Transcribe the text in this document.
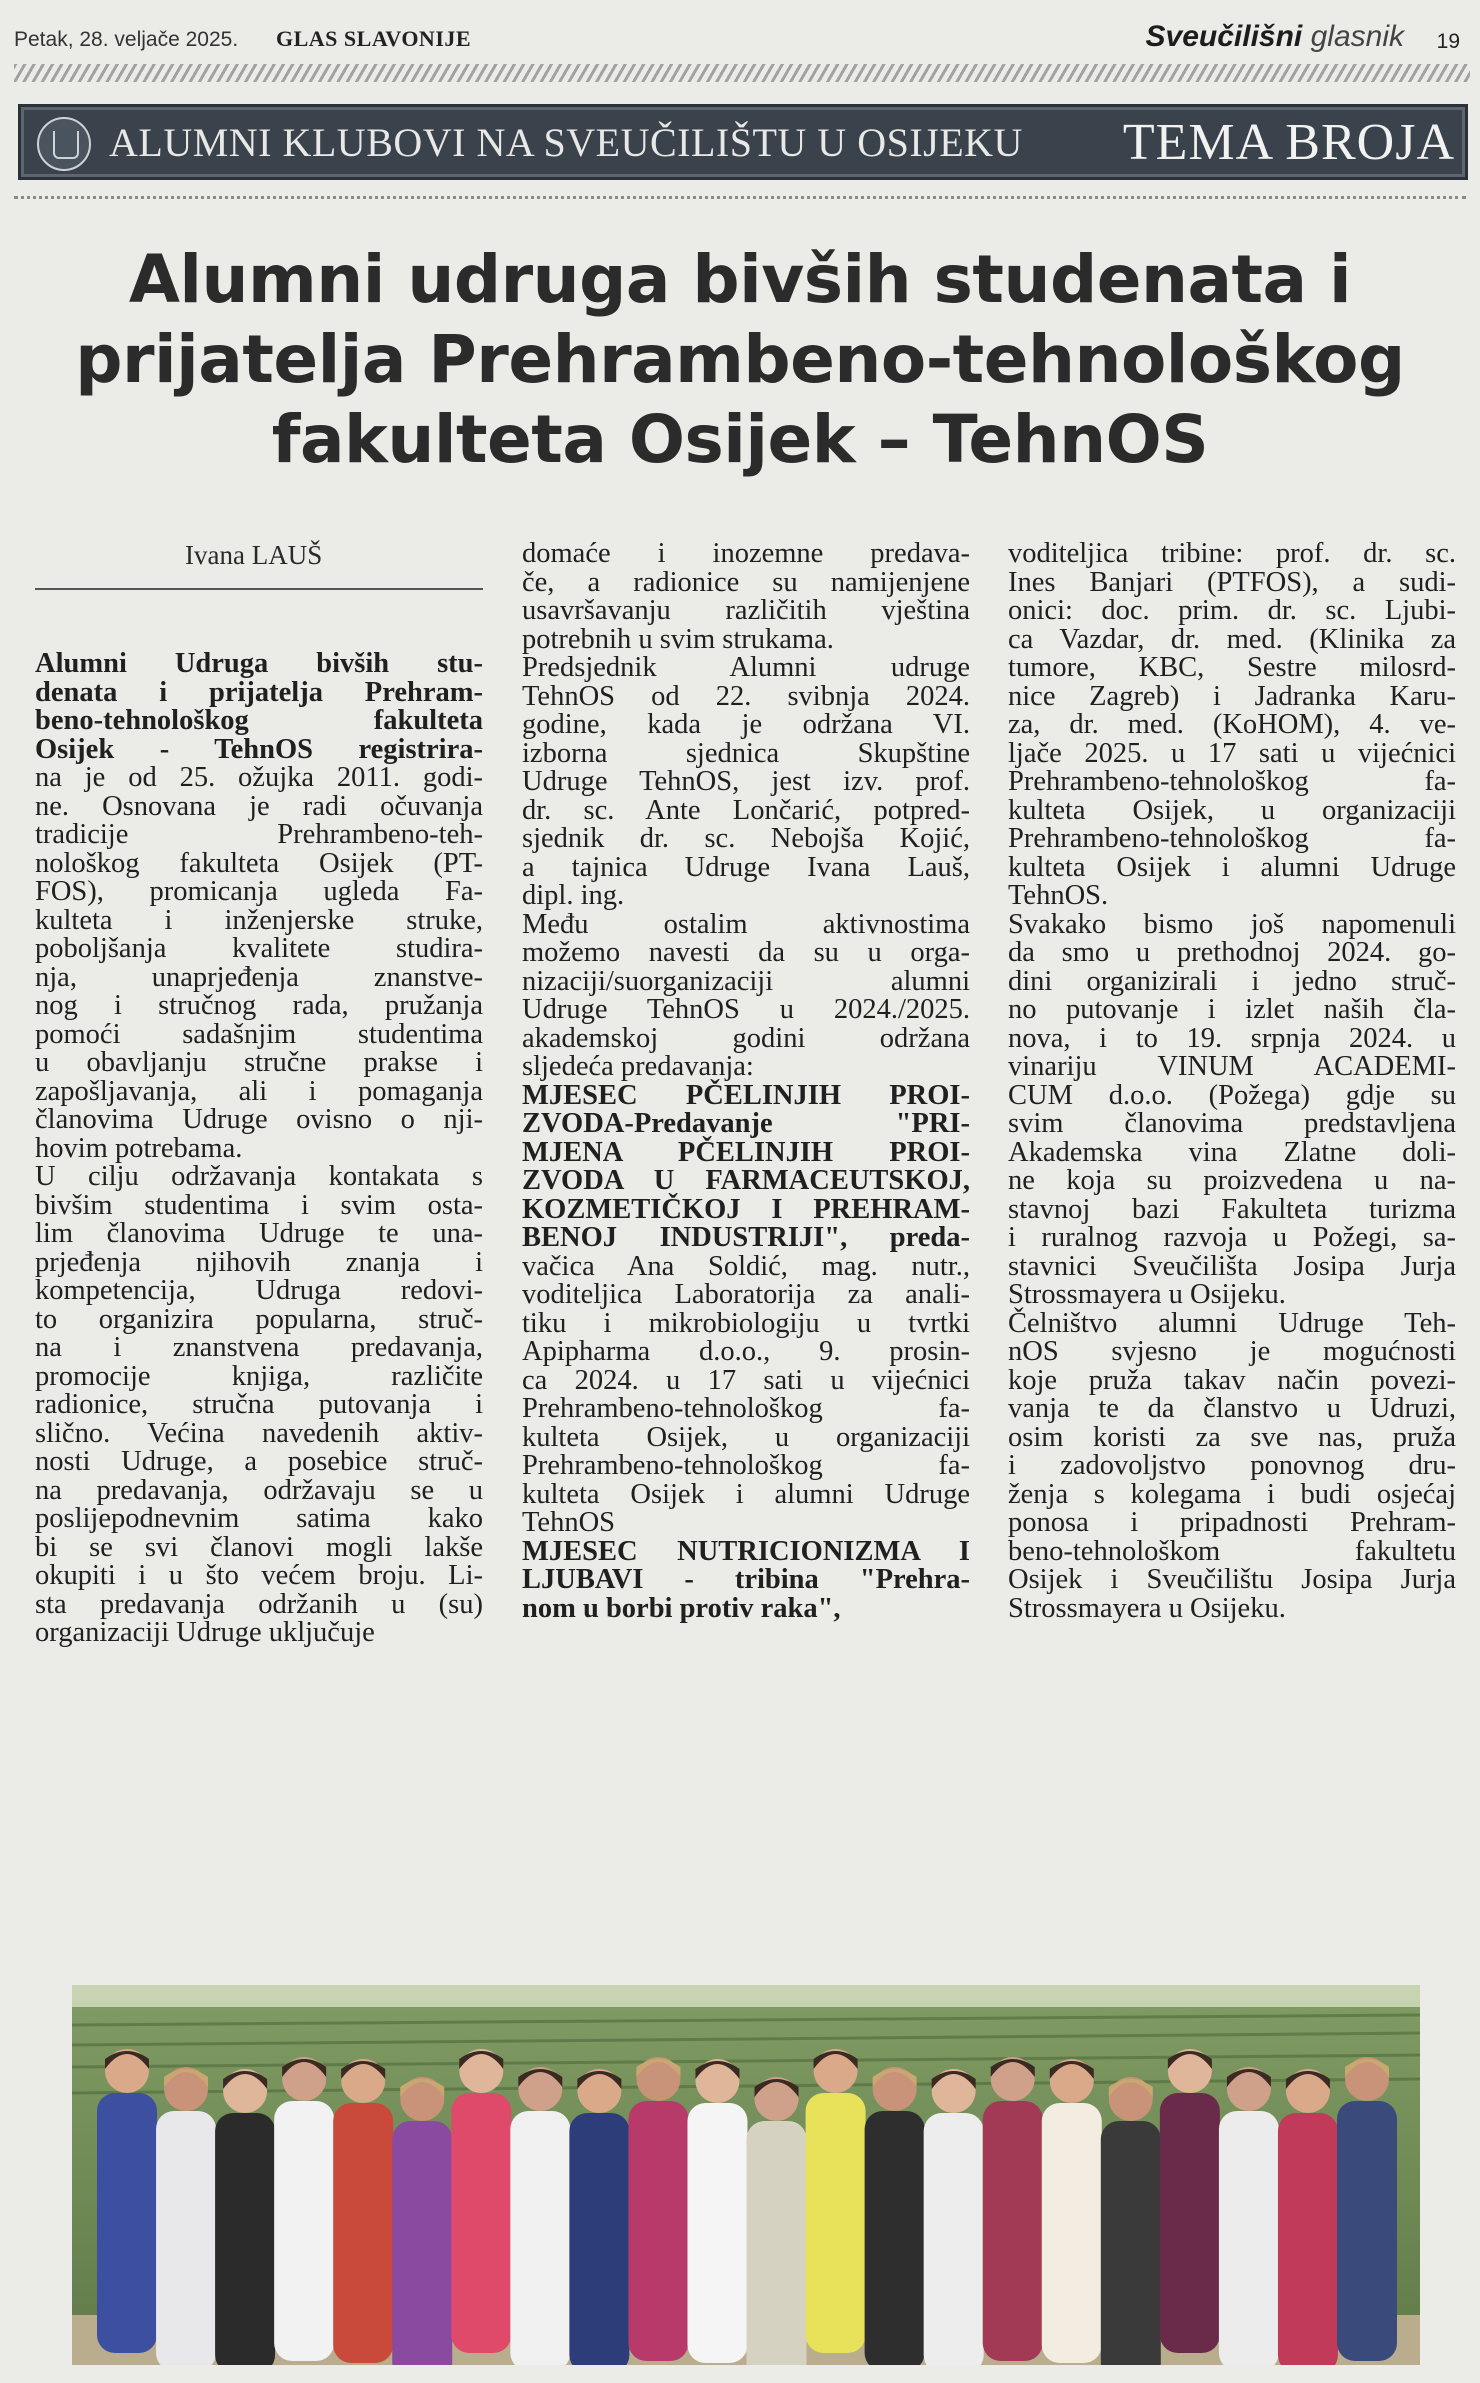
Petak, 28. veljače 2025. GLAS SLAVONIJE	Sveučilišni glasnik 19
ALUMNI KLUBOVI NA SVEUČILIŠTU U OSIJEKU TEMA BROJA
Alumni udruga bivših studenata i
prijatelja Prehrambeno-tehnološkog
fakulteta Osijek – TehnOS
Ivana LAUŠ
Alumni Udruga bivših stu-
denata i prijatelja Prehram-
beno-tehnološkog fakulteta
Osijek - TehnOS registrira-
na je od 25. ožujka 2011. godi-
ne. Osnovana je radi očuvanja
tradicije Prehrambeno-teh-
nološkog fakulteta Osijek (PT-
FOS), promicanja ugleda Fa-
kulteta i inženjerske struke,
poboljšanja kvalitete studira-
nja, unaprjeđenja znanstve-
nog i stručnog rada, pružanja
pomoći sadašnjim studentima
u obavljanju stručne prakse i
zapošljavanja, ali i pomaganja
članovima Udruge ovisno o nji-
hovim potrebama.
U cilju održavanja kontakata s
bivšim studentima i svim osta-
lim članovima Udruge te una-
prjeđenja njihovih znanja i
kompetencija, Udruga redovi-
to organizira popularna, struč-
na i znanstvena predavanja,
promocije knjiga, različite
radionice, stručna putovanja i
slično. Većina navedenih aktiv-
nosti Udruge, a posebice struč-
na predavanja, održavaju se u
poslijepodnevnim satima kako
bi se svi članovi mogli lakše
okupiti i u što većem broju. Li-
sta predavanja održanih u (su)
organizaciji Udruge uključuje
domaće i inozemne predava-
če, a radionice su namijenjene
usavršavanju različitih vještina
potrebnih u svim strukama.
Predsjednik Alumni udruge
TehnOS od 22. svibnja 2024.
godine, kada je održana VI.
izborna sjednica Skupštine
Udruge TehnOS, jest izv. prof.
dr. sc. Ante Lončarić, potpred-
sjednik dr. sc. Nebojša Kojić,
a tajnica Udruge Ivana Lauš,
dipl. ing.
Među ostalim aktivnostima
možemo navesti da su u orga-
nizaciji/suorganizaciji alumni
Udruge TehnOS u 2024./2025.
akademskoj godini održana
sljedeća predavanja:
MJESEC PČELINJIH PROI-
ZVODA-Predavanje "PRI-
MJENA PČELINJIH PROI-
ZVODA U FARMACEUTSKOJ,
KOZMETIČKOJ I PREHRAM-
BENOJ INDUSTRIJI", preda-
vačica Ana Soldić, mag. nutr.,
voditeljica Laboratorija za anali-
tiku i mikrobiologiju u tvrtki
Apipharma d.o.o., 9. prosin-
ca 2024. u 17 sati u vijećnici
Prehrambeno-tehnološkog fa-
kulteta Osijek, u organizaciji
Prehrambeno-tehnološkog fa-
kulteta Osijek i alumni Udruge
TehnOS
MJESEC NUTRICIONIZMA I
LJUBAVI - tribina "Prehra-
nom u borbi protiv raka",
voditeljica tribine: prof. dr. sc.
Ines Banjari (PTFOS), a sudi-
onici: doc. prim. dr. sc. Ljubi-
ca Vazdar, dr. med. (Klinika za
tumore, KBC, Sestre milosrd-
nice Zagreb) i Jadranka Karu-
za, dr. med. (KoHOM), 4. ve-
ljače 2025. u 17 sati u vijećnici
Prehrambeno-tehnološkog fa-
kulteta Osijek, u organizaciji
Prehrambeno-tehnološkog fa-
kulteta Osijek i alumni Udruge
TehnOS.
Svakako bismo još napomenuli
da smo u prethodnoj 2024. go-
dini organizirali i jedno struč-
no putovanje i izlet naših čla-
nova, i to 19. srpnja 2024. u
vinariju VINUM ACADEMI-
CUM d.o.o. (Požega) gdje su
svim članovima predstavljena
Akademska vina Zlatne doli-
ne koja su proizvedena u na-
stavnoj bazi Fakulteta turizma
i ruralnog razvoja u Požegi, sa-
stavnici Sveučilišta Josipa Jurja
Strossmayera u Osijeku.
Čelništvo alumni Udruge Teh-
nOS svjesno je mogućnosti
koje pruža takav način povezi-
vanja te da članstvo u Udruzi,
osim koristi za sve nas, pruža
i zadovoljstvo ponovnog dru-
ženja s kolegama i budi osjećaj
ponosa i pripadnosti Prehram-
beno-tehnološkom fakultetu
Osijek i Sveučilištu Josipa Jurja
Strossmayera u Osijeku.
